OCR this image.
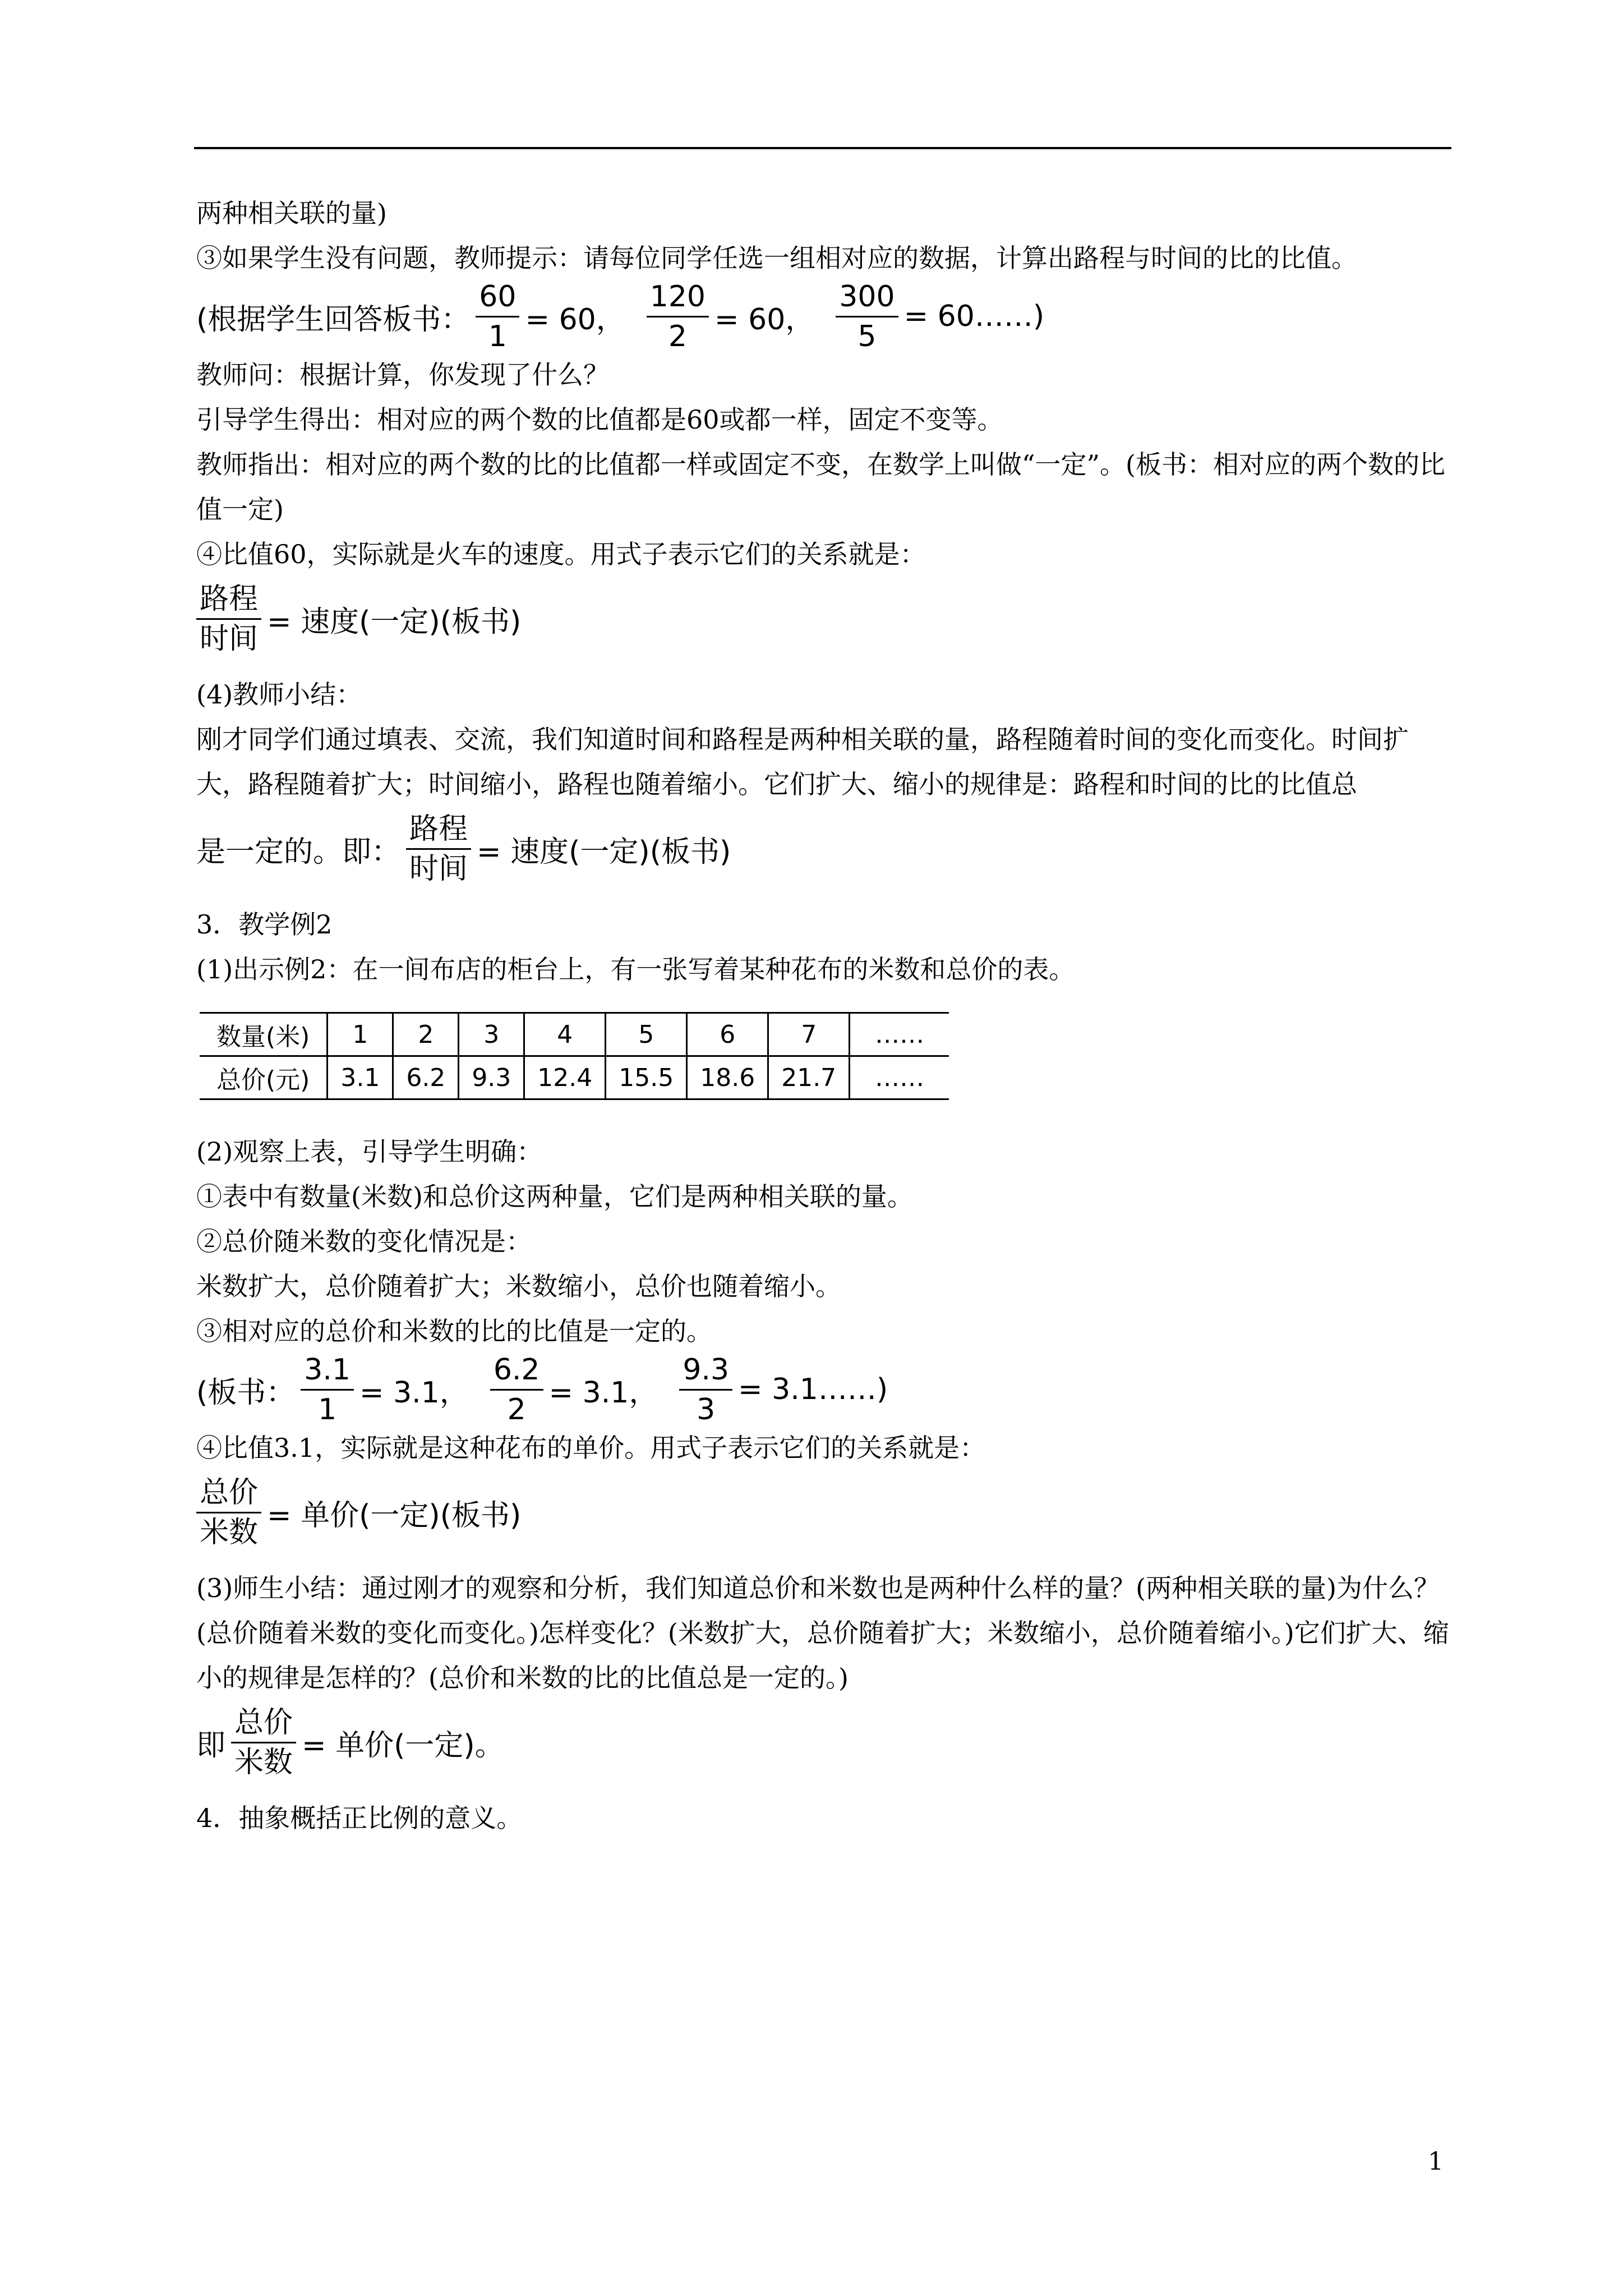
两种相关联的量)

③如果学生没有问题，教师提示：请每位同学任选一组相对应的数据，计算出路程与时间的比的比值。

(根据学生回答板书： $\frac{60}{1} = 60$， $\frac{120}{2} = 60$， $\frac{300}{5}$ = 60……)

教师问：根据计算，你发现了什么？

引导学生得出：相对应的两个数的比值都是60或都一样，固定不变等。

教师指出：相对应的两个数的比的比值都一样或固定不变，在数学上叫做“一定”。(板书：相对应的两个数的比值一定)

④比值60，实际就是火车的速度。用式子表示它们的关系就是：

$\frac{\text{路程}}{\text{时间}}$ = 速度(一定)(板书)

(4)教师小结：

刚才同学们通过填表、交流，我们知道时间和路程是两种相关联的量，路程随着时间的变化而变化。时间扩大，路程随着扩大；时间缩小，路程也随着缩小。它们扩大、缩小的规律是：路程和时间的比的比值总

是一定的。即： $\frac{\text{路程}}{\text{时间}}$ = 速度(一定)(板书)

3．教学例2

(1)出示例2：在一间布店的柜台上，有一张写着某种花布的米数和总价的表。

数量(米)	1	2	3	4	5	6	7	……
总价(元)	3.1	6.2	9.3	12.4	15.5	18.6	21.7	……

(2)观察上表，引导学生明确：

①表中有数量(米数)和总价这两种量，它们是两种相关联的量。

②总价随米数的变化情况是：

米数扩大，总价随着扩大；米数缩小，总价也随着缩小。

③相对应的总价和米数的比的比值是一定的。

(板书： $\frac{3.1}{1} = 3.1$， $\frac{6.2}{2} = 3.1$， $\frac{9.3}{3}$ = 3.1……)

④比值3.1，实际就是这种花布的单价。用式子表示它们的关系就是：

$\frac{\text{总价}}{\text{米数}}$ = 单价(一定)(板书)

(3)师生小结：通过刚才的观察和分析，我们知道总价和米数也是两种什么样的量？(两种相关联的量)为什么？(总价随着米数的变化而变化。)怎样变化？(米数扩大，总价随着扩大；米数缩小，总价随着缩小。)它们扩大、缩小的规律是怎样的？(总价和米数的比的比值总是一定的。)

即 $\frac{\text{总价}}{\text{米数}}$ = 单价(一定)。

4．抽象概括正比例的意义。

1
